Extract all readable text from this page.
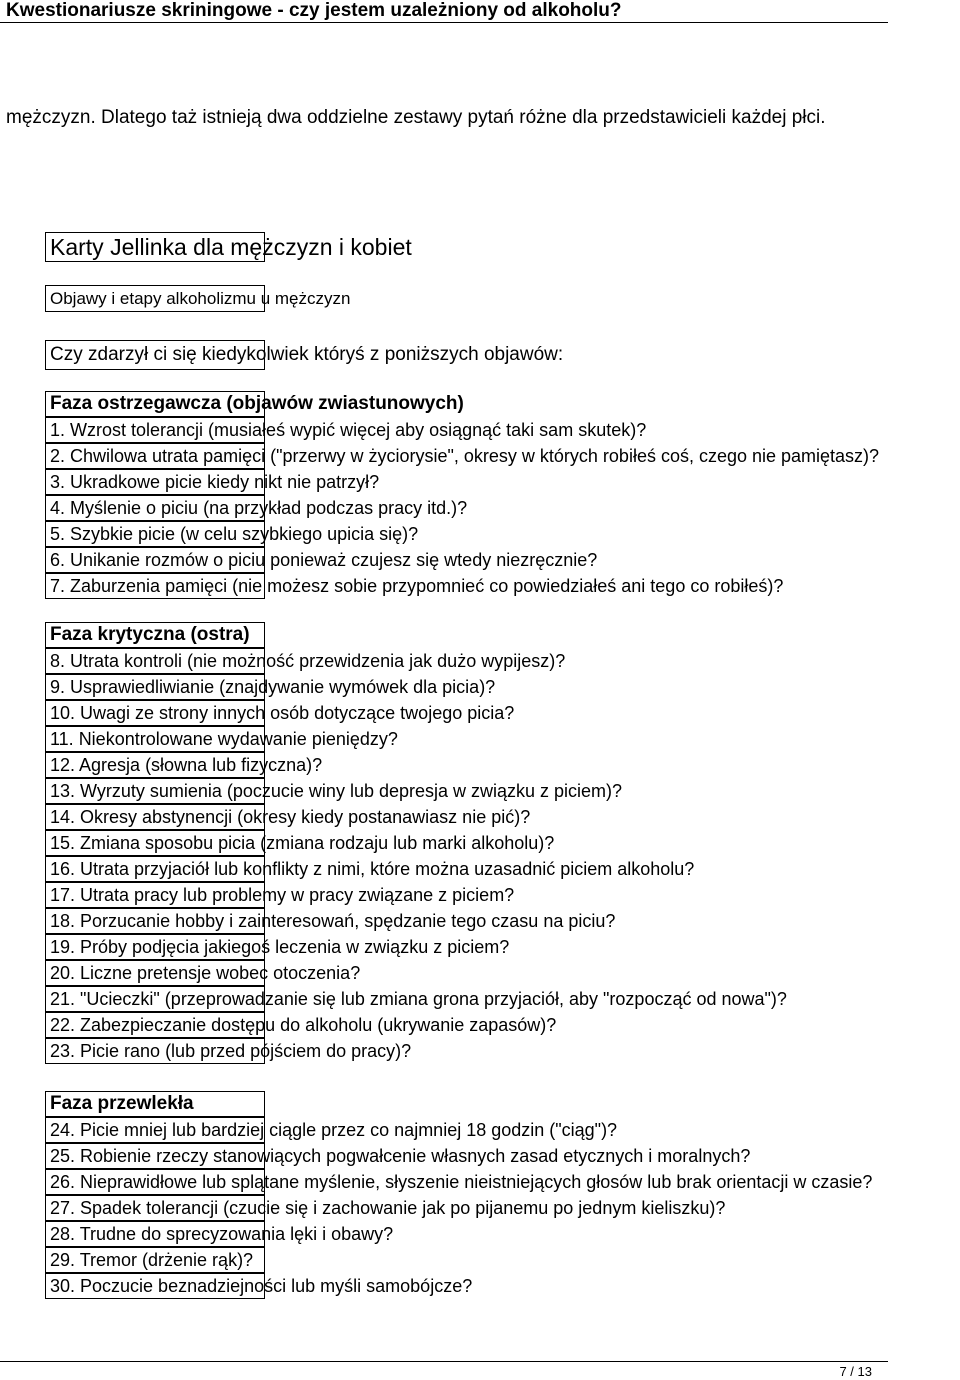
Kwestionariusze skriningowe - czy jestem uzależniony od alkoholu?
mężczyzn. Dlatego taż istnieją dwa oddzielne zestawy pytań różne dla przedstawicieli każdej płci.
Karty Jellinka dla mężczyzn i kobiet
Objawy i etapy alkoholizmu u mężczyzn
Czy zdarzył ci się kiedykolwiek któryś z poniższych objawów:
Faza ostrzegawcza (objawów zwiastunowych)
1. Wzrost tolerancji (musiałeś wypić więcej aby osiągnąć taki sam skutek)?
2. Chwilowa utrata pamięci ("przerwy w życiorysie", okresy w których robiłeś coś, czego nie pamiętasz)?
3. Ukradkowe picie kiedy nikt nie patrzył?
4. Myślenie o piciu (na przykład podczas pracy itd.)?
5. Szybkie picie (w celu szybkiego upicia się)?
6. Unikanie rozmów o piciu ponieważ czujesz się wtedy niezręcznie?
7. Zaburzenia pamięci (nie możesz sobie przypomnieć co powiedziałeś ani tego co robiłeś)?
Faza krytyczna (ostra)
8. Utrata kontroli (nie możność przewidzenia jak dużo wypijesz)?
9. Usprawiedliwianie (znajdywanie wymówek dla picia)?
10. Uwagi ze strony innych osób dotyczące twojego picia?
11. Niekontrolowane wydawanie pieniędzy?
12. Agresja (słowna lub fizyczna)?
13. Wyrzuty sumienia (poczucie winy lub depresja w związku z piciem)?
14. Okresy abstynencji (okresy kiedy postanawiasz nie pić)?
15. Zmiana sposobu picia (zmiana rodzaju lub marki alkoholu)?
16. Utrata przyjaciół lub konflikty z nimi, które można uzasadnić piciem alkoholu?
17. Utrata pracy lub problemy w pracy związane z piciem?
18. Porzucanie hobby i zainteresowań, spędzanie tego czasu na piciu?
19. Próby podjęcia jakiegoś leczenia w związku z piciem?
20. Liczne pretensje wobec otoczenia?
21. "Ucieczki" (przeprowadzanie się lub zmiana grona przyjaciół, aby "rozpocząć od nowa")?
22. Zabezpieczanie dostępu do alkoholu (ukrywanie zapasów)?
23. Picie rano (lub przed pójściem do pracy)?
Faza przewlekła
24. Picie mniej lub bardziej ciągle przez co najmniej 18 godzin ("ciąg")?
25. Robienie rzeczy stanowiących pogwałcenie własnych zasad etycznych i moralnych?
26. Nieprawidłowe lub splątane myślenie, słyszenie nieistniejących głosów lub brak orientacji w czasie?
27. Spadek tolerancji (czucie się i zachowanie jak po pijanemu po jednym kieliszku)?
28. Trudne do sprecyzowania lęki i obawy?
29. Tremor (drżenie rąk)?
30. Poczucie beznadziejności lub myśli samobójcze?
7 / 13
